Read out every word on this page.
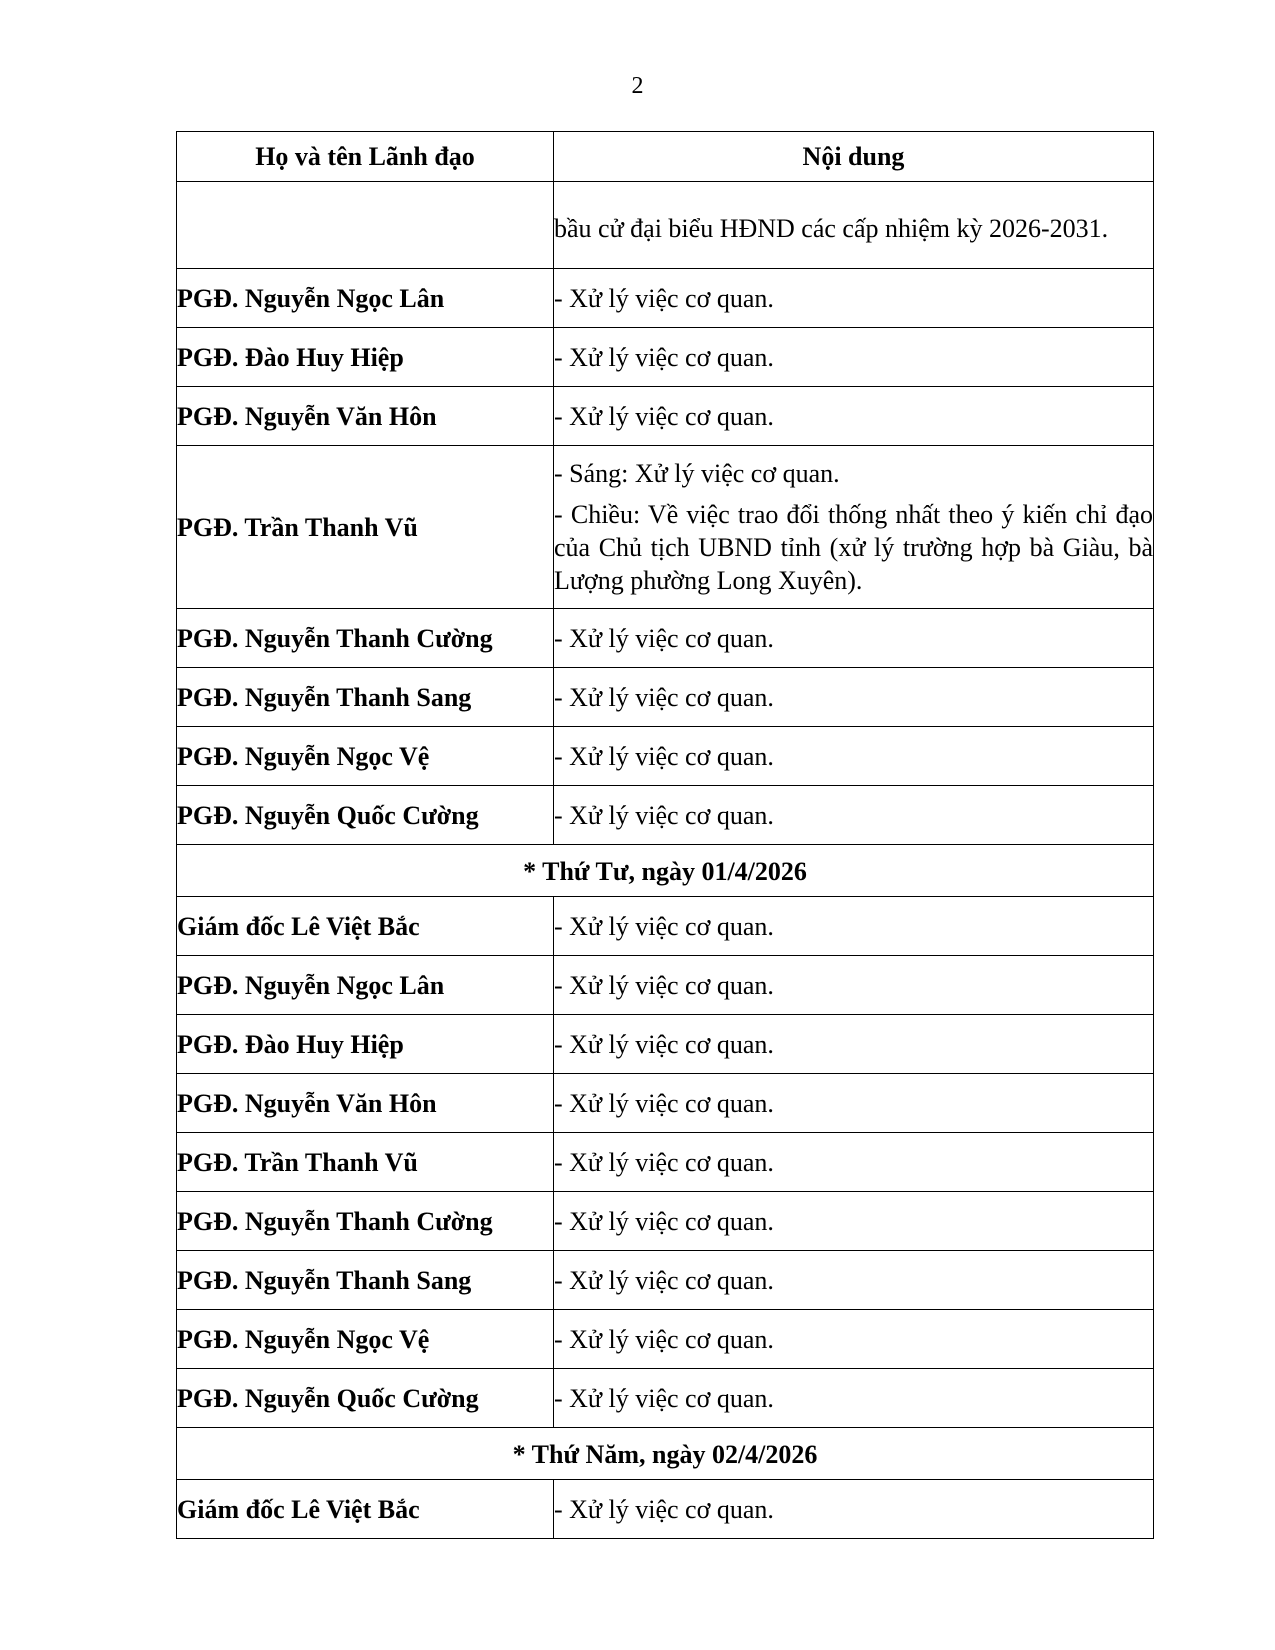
2
Họ và tên Lãnh đạo	Nội dung

	bầu cử đại biểu HĐND các cấp nhiệm kỳ 2026-2031.

PGĐ. Nguyễn Ngọc Lân	- Xử lý việc cơ quan.
PGĐ. Đào Huy Hiệp	- Xử lý việc cơ quan.
PGĐ. Nguyễn Văn Hôn	- Xử lý việc cơ quan.
PGĐ. Trần Thanh Vũ	- Sáng: Xử lý việc cơ quan.

- Chiều: Về việc trao đổi thống nhất theo ý kiến chỉ đạo của Chủ tịch UBND tỉnh (xử lý trường hợp bà Giàu, bà Lượng phường Long Xuyên).

PGĐ. Nguyễn Thanh Cường	- Xử lý việc cơ quan.
PGĐ. Nguyễn Thanh Sang	- Xử lý việc cơ quan.
PGĐ. Nguyễn Ngọc Vệ	- Xử lý việc cơ quan.
PGĐ. Nguyễn Quốc Cường	- Xử lý việc cơ quan.
* Thứ Tư, ngày 01/4/2026	
Giám đốc Lê Việt Bắc	- Xử lý việc cơ quan.
PGĐ. Nguyễn Ngọc Lân	- Xử lý việc cơ quan.
PGĐ. Đào Huy Hiệp	- Xử lý việc cơ quan.
PGĐ. Nguyễn Văn Hôn	- Xử lý việc cơ quan.
PGĐ. Trần Thanh Vũ	- Xử lý việc cơ quan.
PGĐ. Nguyễn Thanh Cường	- Xử lý việc cơ quan.
PGĐ. Nguyễn Thanh Sang	- Xử lý việc cơ quan.
PGĐ. Nguyễn Ngọc Vệ	- Xử lý việc cơ quan.
PGĐ. Nguyễn Quốc Cường	- Xử lý việc cơ quan.
* Thứ Năm, ngày 02/4/2026	
Giám đốc Lê Việt Bắc	- Xử lý việc cơ quan.
